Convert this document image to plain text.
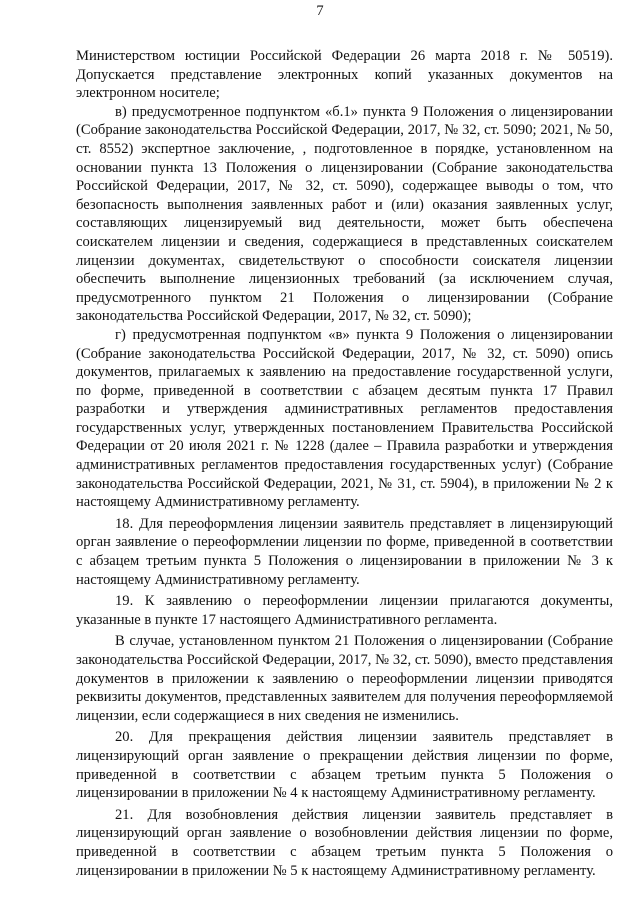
7

Министерством юстиции Российской Федерации 26 марта 2018 г. № 50519). Допускается представление электронных копий указанных документов на электронном носителе;

в) предусмотренное подпунктом «б.1» пункта 9 Положения о лицензировании (Собрание законодательства Российской Федерации, 2017, № 32, ст. 5090; 2021, № 50, ст. 8552) экспертное заключение, , подготовленное в порядке, установленном на основании пункта 13 Положения о лицензировании (Собрание законодательства Российской Федерации, 2017, № 32, ст. 5090), содержащее выводы о том, что безопасность выполнения заявленных работ и (или) оказания заявленных услуг, составляющих лицензируемый вид деятельности, может быть обеспечена соискателем лицензии и сведения, содержащиеся в представленных соискателем лицензии документах, свидетельствуют о способности соискателя лицензии обеспечить выполнение лицензионных требований (за исключением случая, предусмотренного пунктом 21 Положения о лицензировании (Собрание законодательства Российской Федерации, 2017, № 32, ст. 5090);

г) предусмотренная подпунктом «в» пункта 9 Положения о лицензировании (Собрание законодательства Российской Федерации, 2017, № 32, ст. 5090) опись документов, прилагаемых к заявлению на предоставление государственной услуги, по форме, приведенной в соответствии с абзацем десятым пункта 17 Правил разработки и утверждения административных регламентов предоставления государственных услуг, утвержденных постановлением Правительства Российской Федерации от 20 июля 2021 г. № 1228 (далее – Правила разработки и утверждения административных регламентов предоставления государственных услуг) (Собрание законодательства Российской Федерации, 2021, № 31, ст. 5904), в приложении № 2 к настоящему Административному регламенту.

18. Для переоформления лицензии заявитель представляет в лицензирующий орган заявление о переоформлении лицензии по форме, приведенной в соответствии с абзацем третьим пункта 5 Положения о лицензировании в приложении № 3 к настоящему Административному регламенту.

19. К заявлению о переоформлении лицензии прилагаются документы, указанные в пункте 17 настоящего Административного регламента.

В случае, установленном пунктом 21 Положения о лицензировании (Собрание законодательства Российской Федерации, 2017, № 32, ст. 5090), вместо представления документов в приложении к заявлению о переоформлении лицензии приводятся реквизиты документов, представленных заявителем для получения переоформляемой лицензии, если содержащиеся в них сведения не изменились.

20. Для прекращения действия лицензии заявитель представляет в лицензирующий орган заявление о прекращении действия лицензии по форме, приведенной в соответствии с абзацем третьим пункта 5 Положения о лицензировании в приложении № 4 к настоящему Административному регламенту.

21. Для возобновления действия лицензии заявитель представляет в лицензирующий орган заявление о возобновлении действия лицензии по форме, приведенной в соответствии с абзацем третьим пункта 5 Положения о лицензировании в приложении № 5 к настоящему Административному регламенту.
